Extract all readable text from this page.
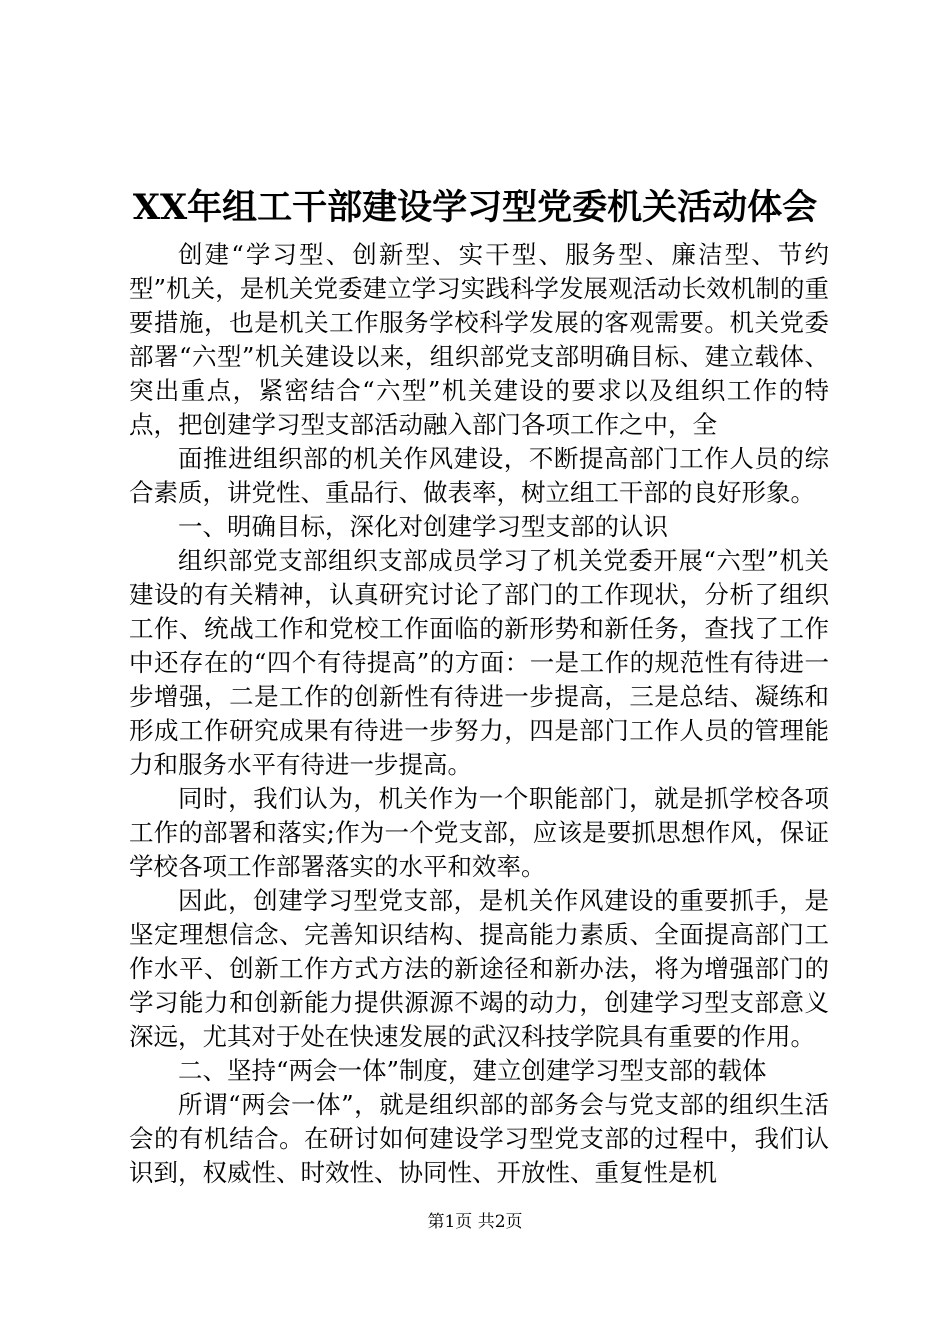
XX年组工干部建设学习型党委机关活动体会

创建“学习型、创新型、实干型、服务型、廉洁型、节约型”机关，是机关党委建立学习实践科学发展观活动长效机制的重要措施，也是机关工作服务学校科学发展的客观需要。机关党委部署“六型”机关建设以来，组织部党支部明确目标、建立载体、突出重点，紧密结合“六型”机关建设的要求以及组织工作的特点，把创建学习型支部活动融入部门各项工作之中，全

面推进组织部的机关作风建设，不断提高部门工作人员的综合素质，讲党性、重品行、做表率，树立组工干部的良好形象。

一、明确目标，深化对创建学习型支部的认识

组织部党支部组织支部成员学习了机关党委开展“六型”机关建设的有关精神，认真研究讨论了部门的工作现状，分析了组织工作、统战工作和党校工作面临的新形势和新任务，查找了工作中还存在的“四个有待提高”的方面：一是工作的规范性有待进一步增强，二是工作的创新性有待进一步提高，三是总结、凝练和形成工作研究成果有待进一步努力，四是部门工作人员的管理能力和服务水平有待进一步提高。

同时，我们认为，机关作为一个职能部门，就是抓学校各项工作的部署和落实;作为一个党支部，应该是要抓思想作风，保证学校各项工作部署落实的水平和效率。

因此，创建学习型党支部，是机关作风建设的重要抓手，是坚定理想信念、完善知识结构、提高能力素质、全面提高部门工作水平、创新工作方式方法的新途径和新办法，将为增强部门的学习能力和创新能力提供源源不竭的动力，创建学习型支部意义深远，尤其对于处在快速发展的武汉科技学院具有重要的作用。

二、坚持“两会一体”制度，建立创建学习型支部的载体

所谓“两会一体”，就是组织部的部务会与党支部的组织生活会的有机结合。在研讨如何建设学习型党支部的过程中，我们认识到，权威性、时效性、协同性、开放性、重复性是机

第1页 共2页
